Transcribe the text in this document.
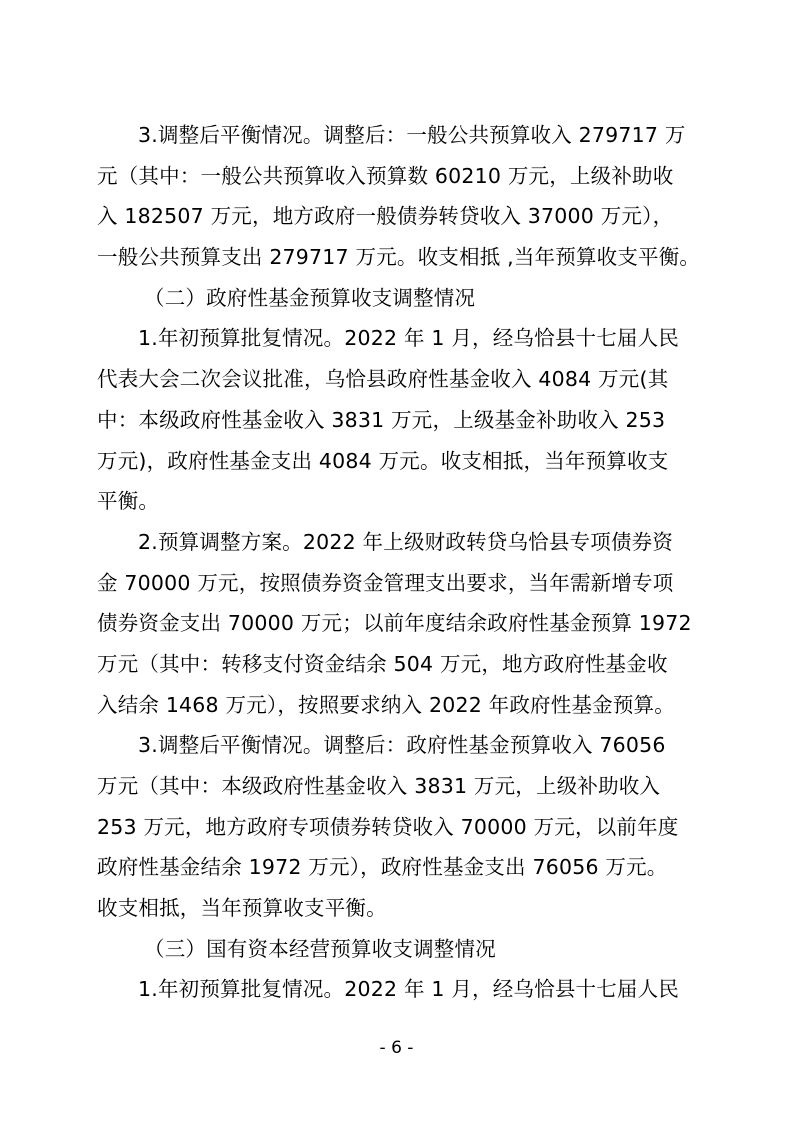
3.调整后平衡情况。调整后：一般公共预算收入 279717 万
元（其中：一般公共预算收入预算数 60210 万元，上级补助收
入 182507 万元，地方政府一般债券转贷收入 37000 万元），
一般公共预算支出 279717 万元。收支相抵 ,当年预算收支平衡。
（二）政府性基金预算收支调整情况
1.年初预算批复情况。2022 年 1 月，经乌恰县十七届人民
代表大会二次会议批准，乌恰县政府性基金收入 4084 万元(其
中：本级政府性基金收入 3831 万元，上级基金补助收入 253
万元)，政府性基金支出 4084 万元。收支相抵，当年预算收支
平衡。
2.预算调整方案。2022 年上级财政转贷乌恰县专项债券资
金 70000 万元，按照债券资金管理支出要求，当年需新增专项
债券资金支出 70000 万元；以前年度结余政府性基金预算 1972
万元（其中：转移支付资金结余 504 万元，地方政府性基金收
入结余 1468 万元），按照要求纳入 2022 年政府性基金预算。
3.调整后平衡情况。调整后：政府性基金预算收入 76056
万元（其中：本级政府性基金收入 3831 万元，上级补助收入
253 万元，地方政府专项债券转贷收入 70000 万元，以前年度
政府性基金结余 1972 万元），政府性基金支出 76056 万元。
收支相抵，当年预算收支平衡。
（三）国有资本经营预算收支调整情况
1.年初预算批复情况。2022 年 1 月，经乌恰县十七届人民
- 6 -
